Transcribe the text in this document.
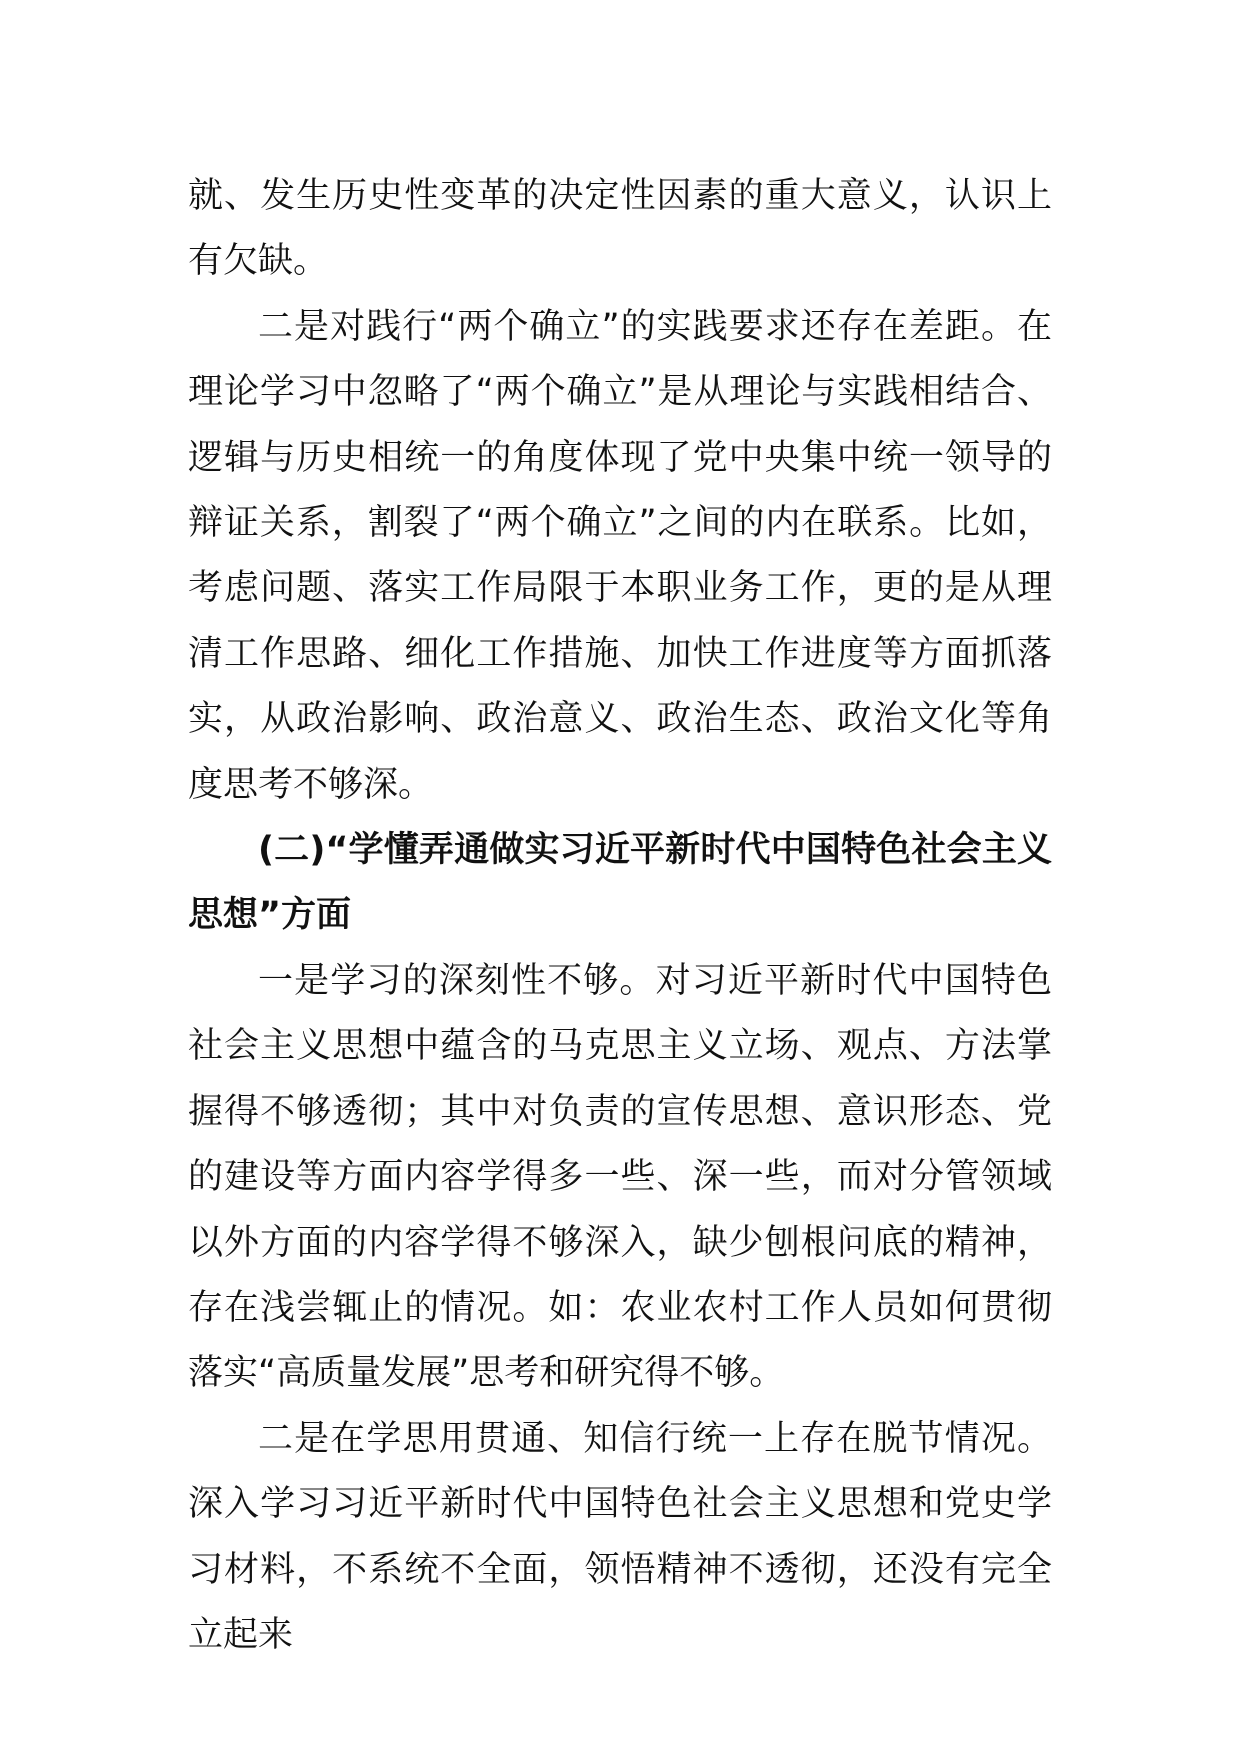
就、发生历史性变革的决定性因素的重大意义，认识上有欠缺。

二是对践行“两个确立”的实践要求还存在差距。在理论学习中忽略了“两个确立”是从理论与实践相结合、逻辑与历史相统一的角度体现了党中央集中统一领导的辩证关系，割裂了“两个确立”之间的内在联系。比如，考虑问题、落实工作局限于本职业务工作，更的是从理清工作思路、细化工作措施、加快工作进度等方面抓落实，从政治影响、政治意义、政治生态、政治文化等角度思考不够深。

(二)“学懂弄通做实习近平新时代中国特色社会主义思想”方面

一是学习的深刻性不够。对习近平新时代中国特色社会主义思想中蕴含的马克思主义立场、观点、方法掌握得不够透彻；其中对负责的宣传思想、意识形态、党的建设等方面内容学得多一些、深一些，而对分管领域以外方面的内容学得不够深入，缺少刨根问底的精神，存在浅尝辄止的情况。如：农业农村工作人员如何贯彻落实“高质量发展”思考和研究得不够。

二是在学思用贯通、知信行统一上存在脱节情况。深入学习习近平新时代中国特色社会主义思想和党史学习材料，不系统不全面，领悟精神不透彻，还没有完全立起来
